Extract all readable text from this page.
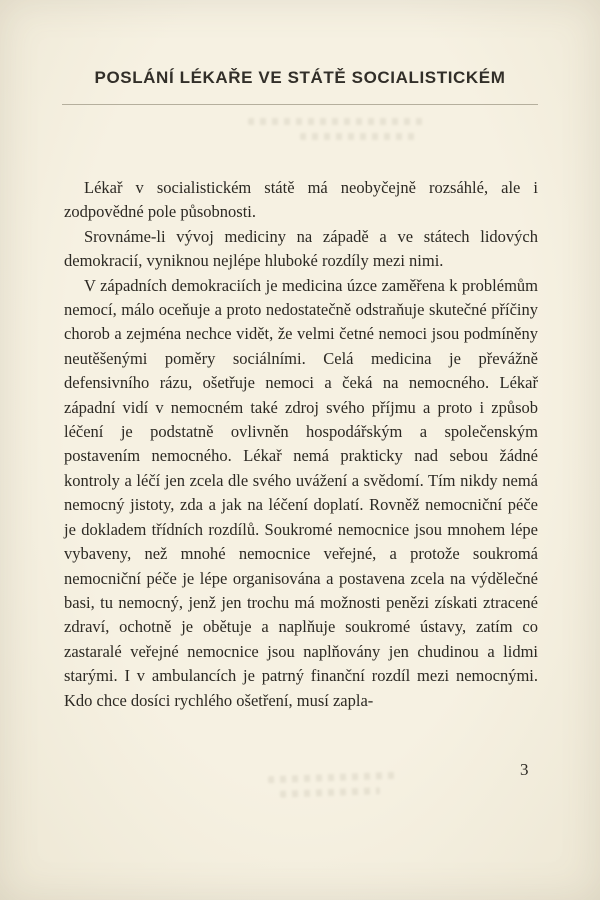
POSLÁNÍ LÉKAŘE VE STÁTĚ SOCIALISTICKÉM

Lékař v socialistickém státě má neobyčejně rozsáhlé, ale i zodpovědné pole působnosti.

Srovnáme-li vývoj mediciny na západě a ve státech lidových demokracií, vyniknou nejlépe hluboké rozdíly mezi nimi.

V západních demokraciích je medicina úzce zaměřena k problémům nemocí, málo oceňuje a proto nedostatečně odstraňuje skutečné příčiny chorob a zejména nechce vidět, že velmi četné nemoci jsou podmíněny neutěšenými poměry sociálními. Celá medicina je převážně defensivního rázu, ošetřuje nemoci a čeká na nemocného. Lékař západní vidí v nemocném také zdroj svého příjmu a proto i způsob léčení je podstatně ovlivněn hospodářským a společenským postavením nemocného. Lékař nemá prakticky nad sebou žádné kontroly a léčí jen zcela dle svého uvážení a svědomí. Tím nikdy nemá nemocný jistoty, zda a jak na léčení doplatí. Rovněž nemocniční péče je dokladem třídních rozdílů. Soukromé nemocnice jsou mnohem lépe vybaveny, než mnohé nemocnice veřejné, a protože soukromá nemocniční péče je lépe organisována a postavena zcela na výdělečné basi, tu nemocný, jenž jen trochu má možnosti penězi získati ztracené zdraví, ochotně je obětuje a naplňuje soukromé ústavy, zatím co zastaralé veřejné nemocnice jsou naplňovány jen chudinou a lidmi starými. I v ambulancích je patrný finanční rozdíl mezi nemocnými. Kdo chce dosíci rychlého ošetření, musí zapla-

3
